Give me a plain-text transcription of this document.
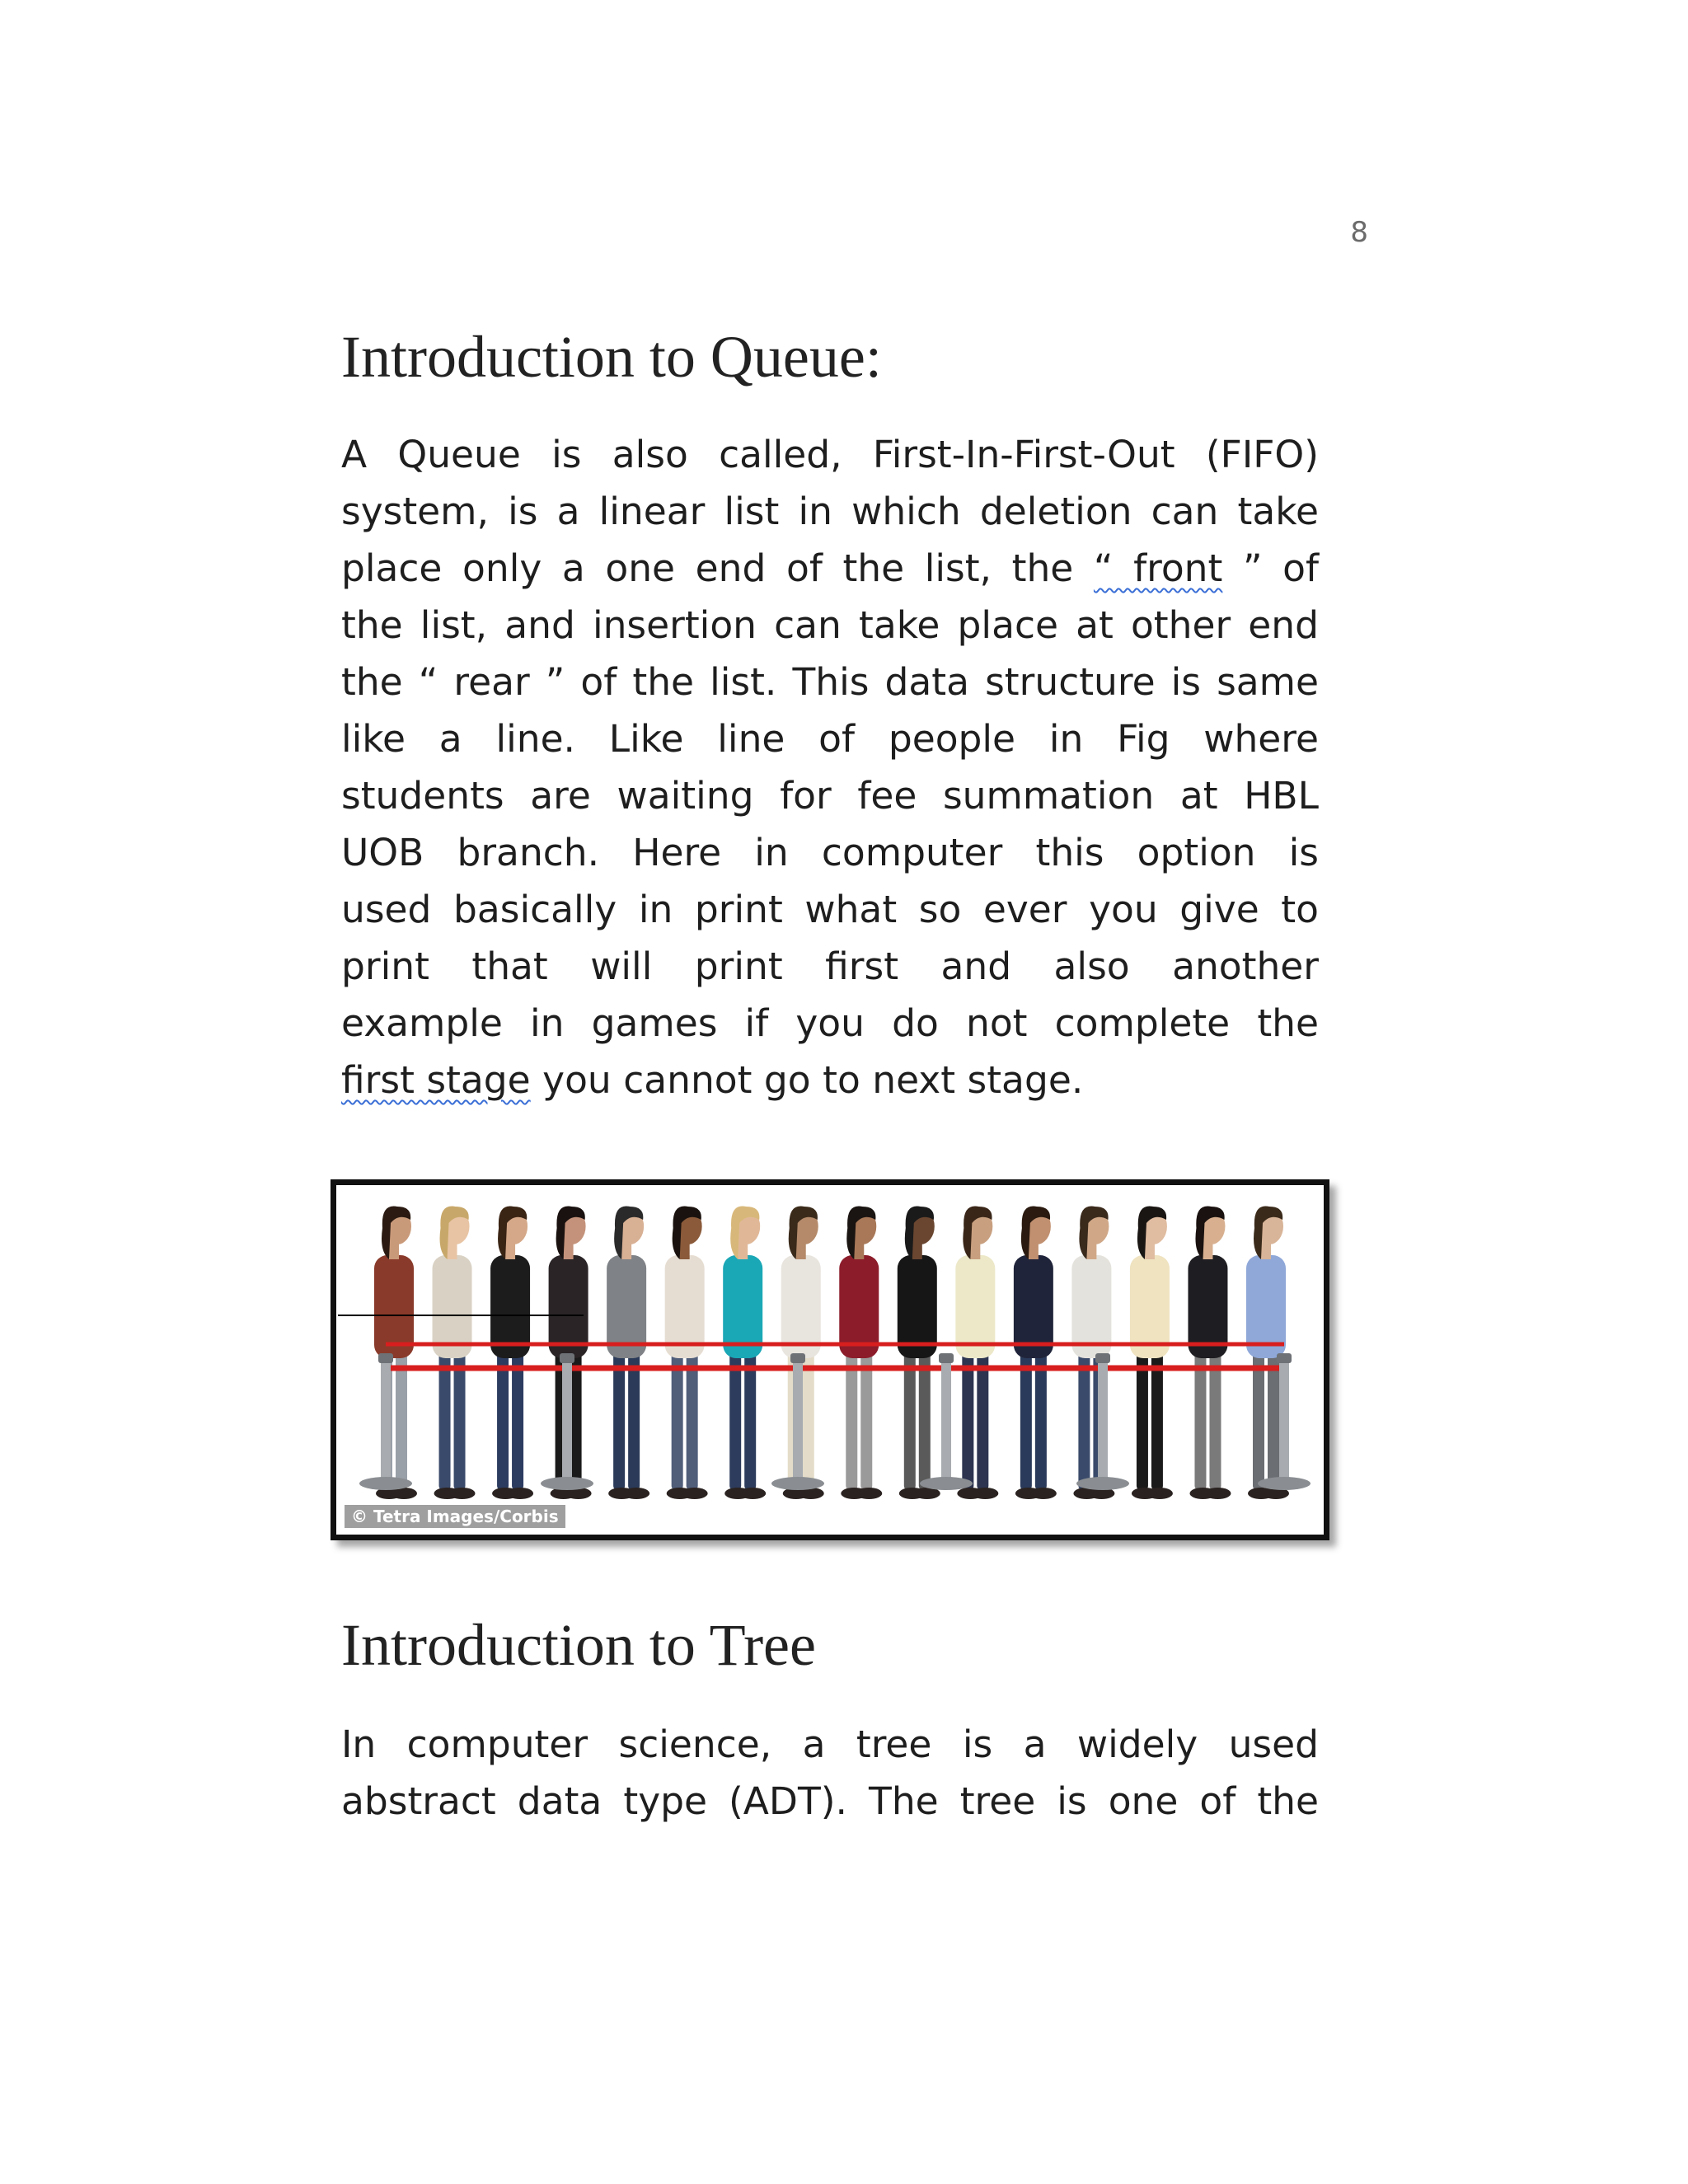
8
Introduction to Queue:
A Queue is also called, First-In-First-Out (FIFO)
system, is a linear list in which deletion can take
place only a one end of the list, the “ front ” of
the list, and insertion can take place at other end
the “ rear ” of the list. This data structure is same
like a line. Like line of people in Fig where
students are waiting for fee summation at HBL
UOB branch. Here in computer this option is
used basically in print what so ever you give to
print that will print first and also another
example in games if you do not complete the
first stage you cannot go to next stage.
© Tetra Images/Corbis
Introduction to Tree
In computer science, a tree is a widely used
abstract data type (ADT). The tree is one of the
